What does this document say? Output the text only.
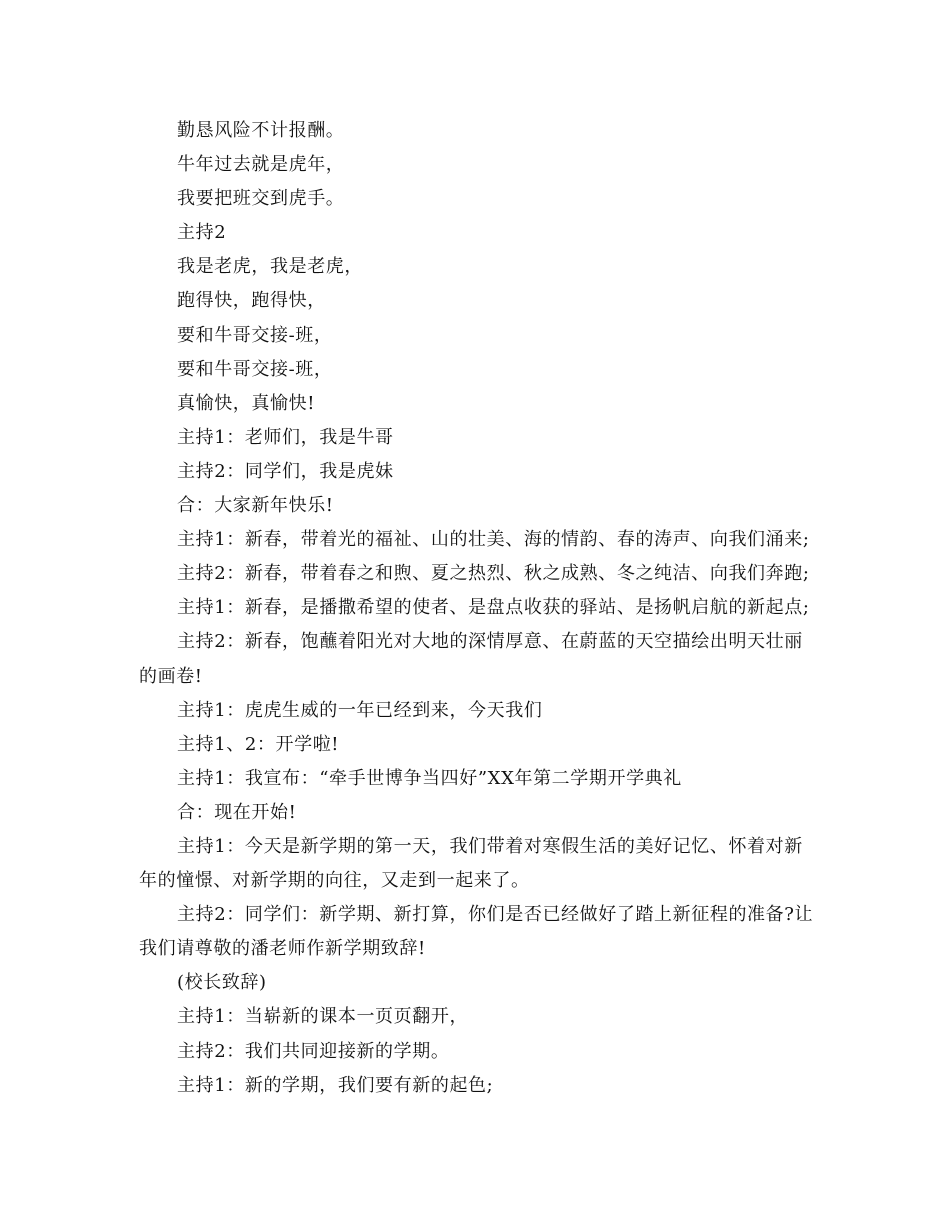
勤恳风险不计报酬。

牛年过去就是虎年，

我要把班交到虎手。

主持2

我是老虎，我是老虎，

跑得快，跑得快，

要和牛哥交接-班，

要和牛哥交接-班，

真愉快，真愉快!

主持1：老师们，我是牛哥

主持2：同学们，我是虎妹

合：大家新年快乐!

主持1：新春，带着光的福祉、山的壮美、海的情韵、春的涛声、向我们涌来;

主持2：新春，带着春之和煦、夏之热烈、秋之成熟、冬之纯洁、向我们奔跑;

主持1：新春，是播撒希望的使者、是盘点收获的驿站、是扬帆启航的新起点;

主持2：新春，饱蘸着阳光对大地的深情厚意、在蔚蓝的天空描绘出明天壮丽的画卷!

主持1：虎虎生威的一年已经到来，今天我们

主持1、2：开学啦!

主持1：我宣布：“牵手世博争当四好”XX年第二学期开学典礼

合：现在开始!

主持1：今天是新学期的第一天，我们带着对寒假生活的美好记忆、怀着对新年的憧憬、对新学期的向往，又走到一起来了。

主持2：同学们：新学期、新打算，你们是否已经做好了踏上新征程的准备?让我们请尊敬的潘老师作新学期致辞!

(校长致辞)

主持1：当崭新的课本一页页翻开，

主持2：我们共同迎接新的学期。

主持1：新的学期，我们要有新的起色;
